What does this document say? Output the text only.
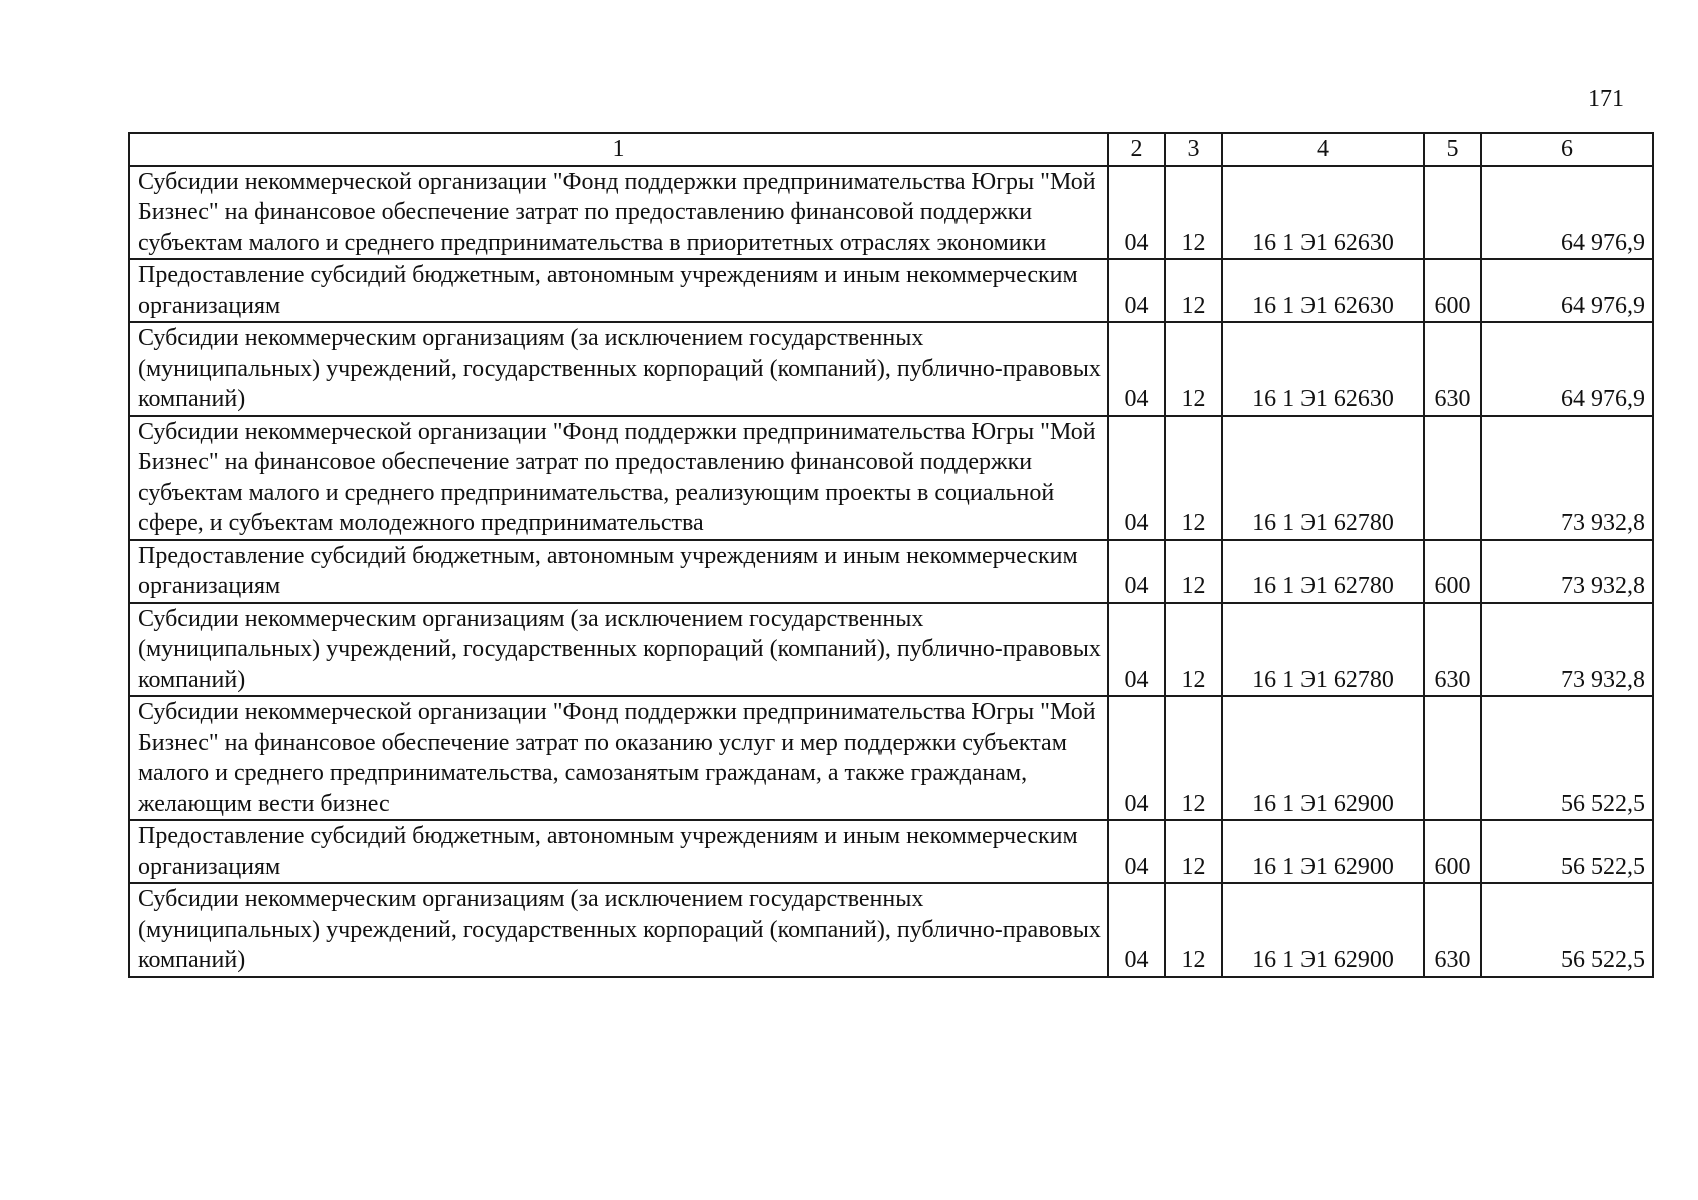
171
1	2	3	4	5	6
Субсидии некоммерческой организации "Фонд поддержки предпринимательства Югры "Мой Бизнес" на финансовое обеспечение затрат по предоставлению финансовой поддержки субъектам малого и среднего предпринимательства в приоритетных отраслях экономики	04	12	16 1 Э1 62630		64 976,9
Предоставление субсидий бюджетным, автономным учреждениям и иным некоммерческим организациям	04	12	16 1 Э1 62630	600	64 976,9
Субсидии некоммерческим организациям (за исключением государственных (муниципальных) учреждений, государственных корпораций (компаний), публично-правовых компаний)	04	12	16 1 Э1 62630	630	64 976,9
Субсидии некоммерческой организации "Фонд поддержки предпринимательства Югры "Мой Бизнес" на финансовое обеспечение затрат по предоставлению финансовой поддержки субъектам малого и среднего предпринимательства, реализующим проекты в социальной сфере, и субъектам молодежного предпринимательства	04	12	16 1 Э1 62780		73 932,8
Предоставление субсидий бюджетным, автономным учреждениям и иным некоммерческим организациям	04	12	16 1 Э1 62780	600	73 932,8
Субсидии некоммерческим организациям (за исключением государственных (муниципальных) учреждений, государственных корпораций (компаний), публично-правовых компаний)	04	12	16 1 Э1 62780	630	73 932,8
Субсидии некоммерческой организации "Фонд поддержки предпринимательства Югры "Мой Бизнес" на финансовое обеспечение затрат по оказанию услуг и мер поддержки субъектам малого и среднего предпринимательства, самозанятым гражданам, а также гражданам, желающим вести бизнес	04	12	16 1 Э1 62900		56 522,5
Предоставление субсидий бюджетным, автономным учреждениям и иным некоммерческим организациям	04	12	16 1 Э1 62900	600	56 522,5
Субсидии некоммерческим организациям (за исключением государственных (муниципальных) учреждений, государственных корпораций (компаний), публично-правовых компаний)	04	12	16 1 Э1 62900	630	56 522,5
